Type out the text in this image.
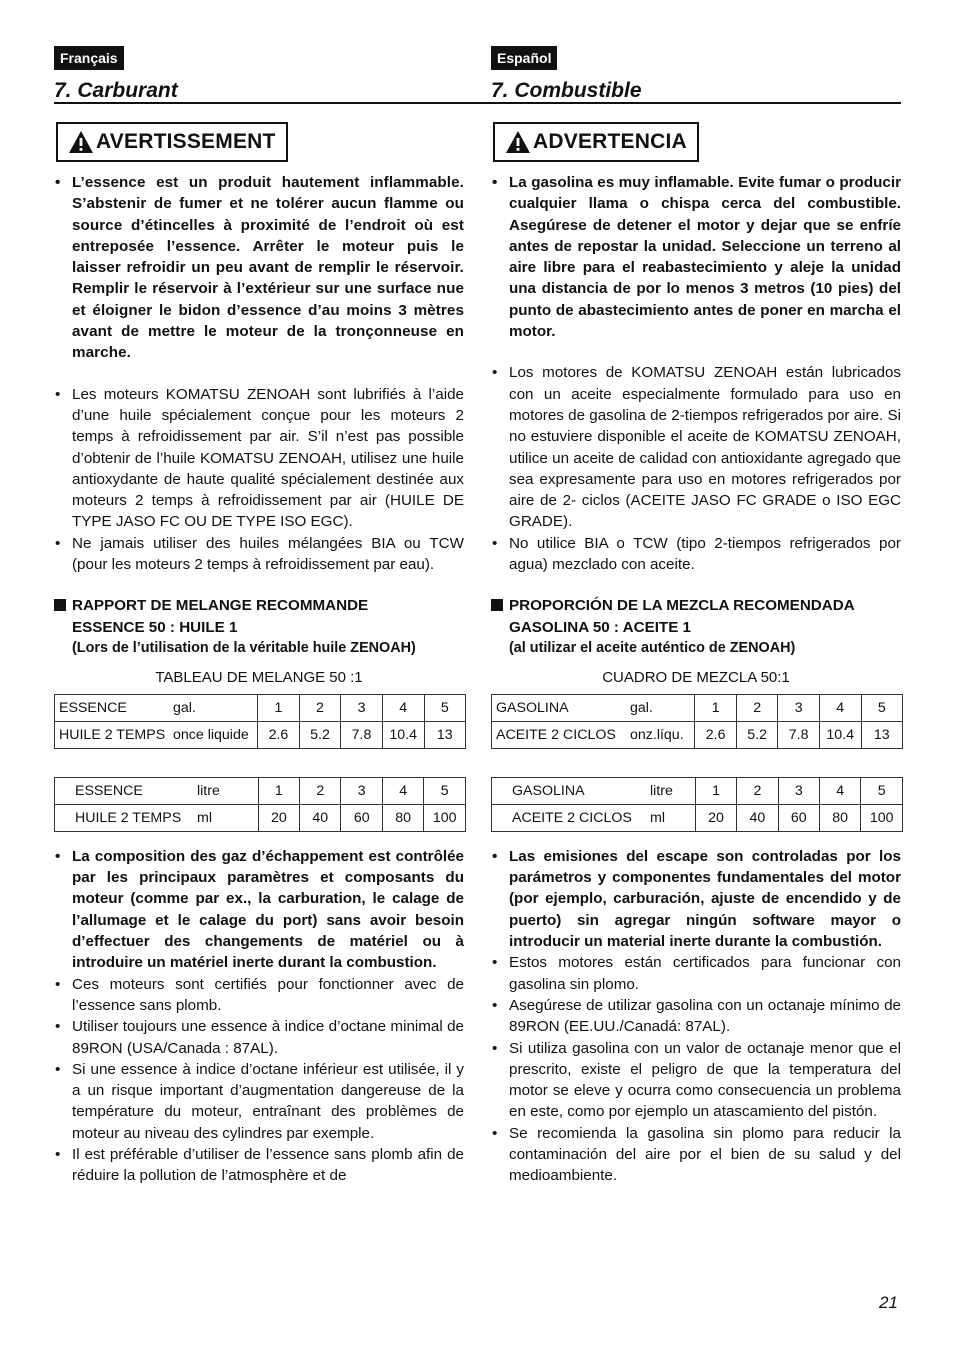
Français
7. Carburant
AVERTISSEMENT
• L’essence est un produit hautement inflammable. S’abstenir de fumer et ne tolérer aucun flamme ou source d’étincelles à proximité de l’endroit où est entreposée l’essence. Arrêter le moteur puis le laisser refroidir un peu avant de remplir le réservoir. Remplir le réservoir à l’extérieur sur une surface nue et éloigner le bidon d’essence d’au moins 3 mètres avant de mettre le moteur de la tronçonneuse en marche.
• Les moteurs KOMATSU ZENOAH sont lubrifiés à l’aide d’une huile spécialement conçue pour les moteurs 2 temps à refroidissement par air. S’il n’est pas possible d’obtenir de l’huile KOMATSU ZENOAH, utilisez une huile antioxydante de haute qualité spécialement destinée aux moteurs 2 temps à refroidissement par air (HUILE DE TYPE JASO FC OU DE TYPE ISO EGC).
• Ne jamais utiliser des huiles mélangées BIA ou TCW (pour les moteurs 2 temps à refroidissement par eau).
RAPPORT DE MELANGE RECOMMANDE
ESSENCE 50 : HUILE 1
(Lors de l’utilisation de la véritable huile ZENOAH)
TABLEAU DE MELANGE 50 :1
ESSENCE gal.	1	2	3	4	5
HUILE 2 TEMPS once liquide	2.6	5.2	7.8	10.4	13
ESSENCE litre	1	2	3	4	5
HUILE 2 TEMPS ml	20	40	60	80	100
• La composition des gaz d’échappement est contrôlée par les principaux paramètres et composants du moteur (comme par ex., la carburation, le calage de l’allumage et le calage du port) sans avoir besoin d’effectuer des changements de matériel ou à introduire un matériel inerte durant la combustion.
• Ces moteurs sont certifiés pour fonctionner avec de l’essence sans plomb.
• Utiliser toujours une essence à indice d’octane minimal de 89RON (USA/Canada : 87AL).
• Si une essence à indice d’octane inférieur est utilisée, il y a un risque important d’augmentation dangereuse de la température du moteur, entraînant des problèmes de moteur au niveau des cylindres par exemple.
• Il est préférable d’utiliser de l’essence sans plomb afin de réduire la pollution de l’atmosphère et de
Español
7. Combustible
ADVERTENCIA
• La gasolina es muy inflamable. Evite fumar o producir cualquier llama o chispa cerca del combustible. Asegúrese de detener el motor y dejar que se enfríe antes de repostar la unidad. Seleccione un terreno al aire libre para el reabastecimiento y aleje la unidad una distancia de por lo menos 3 metros (10 pies) del punto de abastecimiento antes de poner en marcha el motor.
• Los motores de KOMATSU ZENOAH están lubricados con un aceite especialmente formulado para uso en motores de gasolina de 2-tiempos refrigerados por aire. Si no estuviere disponible el aceite de KOMATSU ZENOAH, utilice un aceite de calidad con antioxidante agregado que sea expresamente para uso en motores refrigerados por aire de 2- ciclos (ACEITE JASO FC GRADE o ISO EGC GRADE).
• No utilice BIA o TCW (tipo 2-tiempos refrigerados por agua) mezclado con aceite.
PROPORCIÓN DE LA MEZCLA RECOMENDADA
GASOLINA 50 : ACEITE 1
(al utilizar el aceite auténtico de ZENOAH)
CUADRO DE MEZCLA 50:1
GASOLINA gal.	1	2	3	4	5
ACEITE 2 CICLOS onz.líqu.	2.6	5.2	7.8	10.4	13
GASOLINA litre	1	2	3	4	5
ACEITE 2 CICLOS ml	20	40	60	80	100
• Las emisiones del escape son controladas por los parámetros y componentes fundamentales del motor (por ejemplo, carburación, ajuste de encendido y de puerto) sin agregar ningún software mayor o introducir un material inerte durante la combustión.
• Estos motores están certificados para funcionar con gasolina sin plomo.
• Asegúrese de utilizar gasolina con un octanaje mínimo de 89RON (EE.UU./Canadá: 87AL).
• Si utiliza gasolina con un valor de octanaje menor que el prescrito, existe el peligro de que la temperatura del motor se eleve y ocurra como consecuencia un problema en este, como por ejemplo un atascamiento del pistón.
• Se recomienda la gasolina sin plomo para reducir la contaminación del aire por el bien de su salud y del medioambiente.
21
